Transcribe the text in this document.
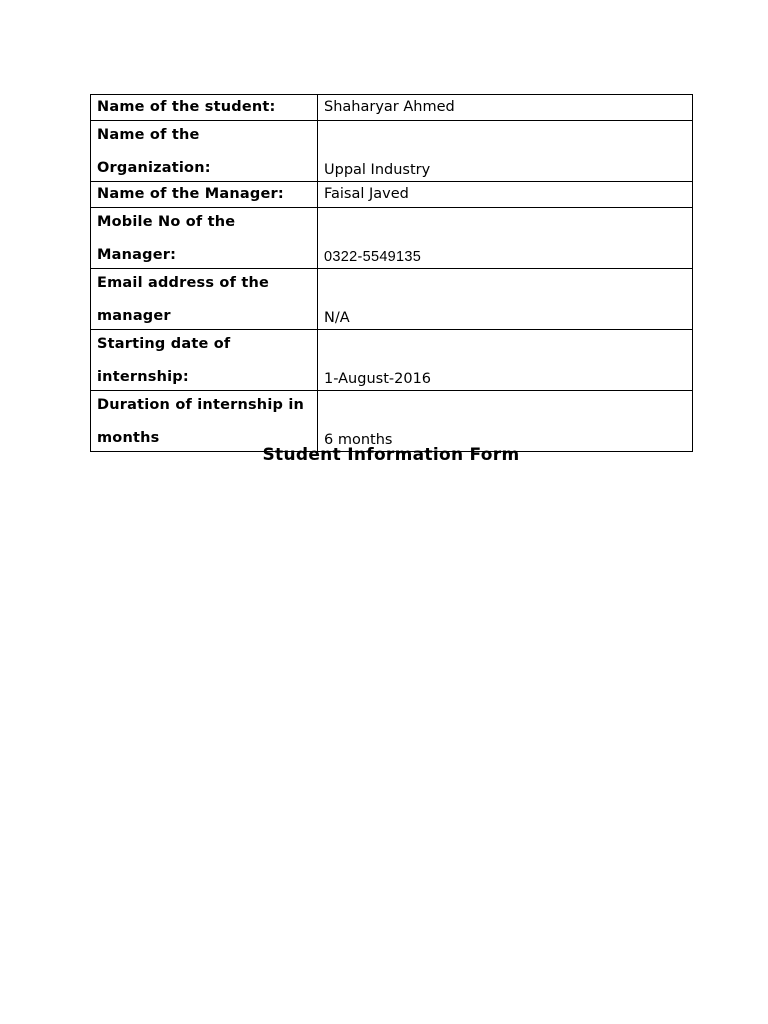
Name of the student:	Shaharyar Ahmed

Name of the
Organization:	Uppal Industry
Name of the Manager:	Faisal Javed

Mobile No of the
Manager:	0322-5549135

Email address of the
manager	N/A

Starting date of
internship:	1-August-2016

Duration of internship in
months	6 months
Student Information Form
